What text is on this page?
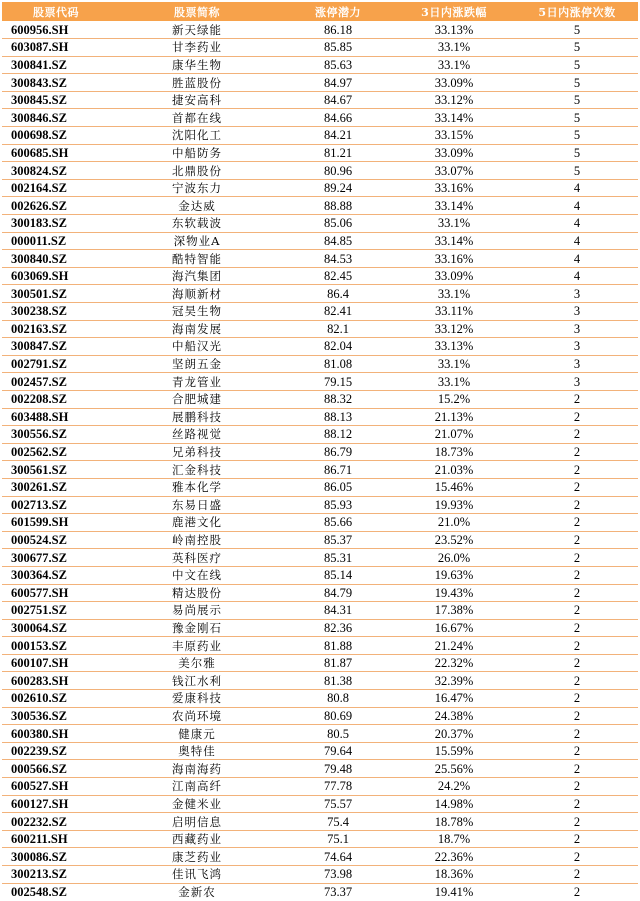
股票代码	股票简称	涨停潜力	3日内涨跌幅	5日内涨停次数
600956.SH	新天绿能	86.18	33.13%	5
603087.SH	甘李药业	85.85	33.1%	5
300841.SZ	康华生物	85.63	33.1%	5
300843.SZ	胜蓝股份	84.97	33.09%	5
300845.SZ	捷安高科	84.67	33.12%	5
300846.SZ	首都在线	84.66	33.14%	5
000698.SZ	沈阳化工	84.21	33.15%	5
600685.SH	中船防务	81.21	33.09%	5
300824.SZ	北鼎股份	80.96	33.07%	5
002164.SZ	宁波东力	89.24	33.16%	4
002626.SZ	金达威	88.88	33.14%	4
300183.SZ	东软载波	85.06	33.1%	4
000011.SZ	深物业A	84.85	33.14%	4
300840.SZ	酷特智能	84.53	33.16%	4
603069.SH	海汽集团	82.45	33.09%	4
300501.SZ	海顺新材	86.4	33.1%	3
300238.SZ	冠昊生物	82.41	33.11%	3
002163.SZ	海南发展	82.1	33.12%	3
300847.SZ	中船汉光	82.04	33.13%	3
002791.SZ	坚朗五金	81.08	33.1%	3
002457.SZ	青龙管业	79.15	33.1%	3
002208.SZ	合肥城建	88.32	15.2%	2
603488.SH	展鹏科技	88.13	21.13%	2
300556.SZ	丝路视觉	88.12	21.07%	2
002562.SZ	兄弟科技	86.79	18.73%	2
300561.SZ	汇金科技	86.71	21.03%	2
300261.SZ	雅本化学	86.05	15.46%	2
002713.SZ	东易日盛	85.93	19.93%	2
601599.SH	鹿港文化	85.66	21.0%	2
000524.SZ	岭南控股	85.37	23.52%	2
300677.SZ	英科医疗	85.31	26.0%	2
300364.SZ	中文在线	85.14	19.63%	2
600577.SH	精达股份	84.79	19.43%	2
002751.SZ	易尚展示	84.31	17.38%	2
300064.SZ	豫金刚石	82.36	16.67%	2
000153.SZ	丰原药业	81.88	21.24%	2
600107.SH	美尔雅	81.87	22.32%	2
600283.SH	钱江水利	81.38	32.39%	2
002610.SZ	爱康科技	80.8	16.47%	2
300536.SZ	农尚环境	80.69	24.38%	2
600380.SH	健康元	80.5	20.37%	2
002239.SZ	奥特佳	79.64	15.59%	2
000566.SZ	海南海药	79.48	25.56%	2
600527.SH	江南高纤	77.78	24.2%	2
600127.SH	金健米业	75.57	14.98%	2
002232.SZ	启明信息	75.4	18.78%	2
600211.SH	西藏药业	75.1	18.7%	2
300086.SZ	康芝药业	74.64	22.36%	2
300213.SZ	佳讯飞鸿	73.98	18.36%	2
002548.SZ	金新农	73.37	19.41%	2
